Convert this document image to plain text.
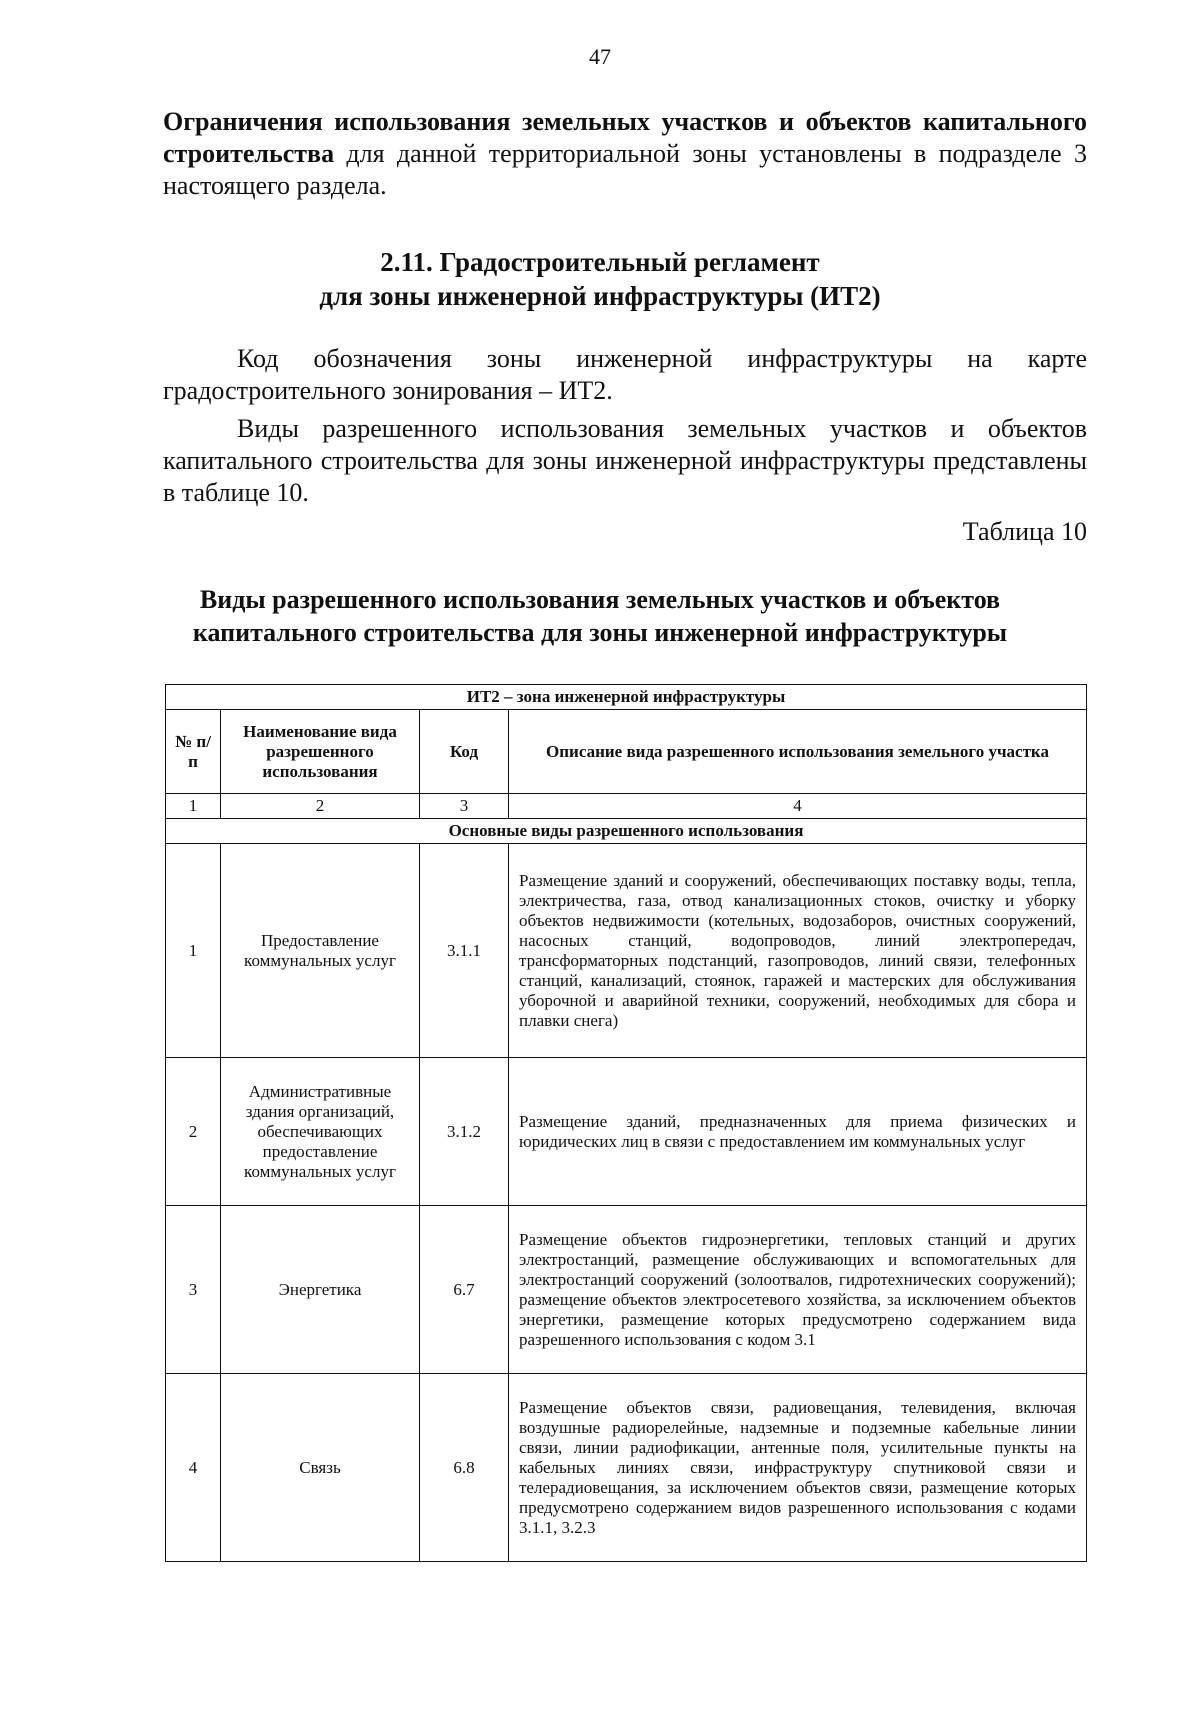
47

Ограничения использования земельных участков и объектов капитального строительства для данной территориальной зоны установлены в подразделе 3 настоящего раздела.

2.11. Градостроительный регламент
для зоны инженерной инфраструктуры (ИТ2)

Код обозначения зоны инженерной инфраструктуры на карте градостроительного зонирования – ИТ2.

Виды разрешенного использования земельных участков и объектов капитального строительства для зоны инженерной инфраструктуры представлены в таблице 10.

Таблица 10
Виды разрешенного использования земельных участков и объектов
капитального строительства для зоны инженерной инфраструктуры
ИТ2 – зона инженерной инфраструктуры			
№ п/п	Наименование вида разрешенного использования	Код	Описание вида разрешенного использования земельного участка
1	2	3	4
Основные виды разрешенного использования			
1	Предоставление коммунальных услуг	3.1.1	Размещение зданий и сооружений, обеспечивающих поставку воды, тепла, электричества, газа, отвод канализационных стоков, очистку и уборку объектов недвижимости (котельных, водозаборов, очистных сооружений, насосных станций, водопроводов, линий электропередач, трансформаторных подстанций, газопроводов, линий связи, телефонных станций, канализаций, стоянок, гаражей и мастерских для обслуживания уборочной и аварийной техники, сооружений, необходимых для сбора и плавки снега)
2	Административные здания организаций, обеспечивающих предоставление коммунальных услуг	3.1.2	Размещение зданий, предназначенных для приема физических и юридических лиц в связи с предоставлением им коммунальных услуг
3	Энергетика	6.7	Размещение объектов гидроэнергетики, тепловых станций и других электростанций, размещение обслуживающих и вспомогательных для электростанций сооружений (золоотвалов, гидротехнических сооружений); размещение объектов электросетевого хозяйства, за исключением объектов энергетики, размещение которых предусмотрено содержанием вида разрешенного использования с кодом 3.1
4	Связь	6.8	Размещение объектов связи, радиовещания, телевидения, включая воздушные радиорелейные, надземные и подземные кабельные линии связи, линии радиофикации, антенные поля, усилительные пункты на кабельных линиях связи, инфраструктуру спутниковой связи и телерадиовещания, за исключением объектов связи, размещение которых предусмотрено содержанием видов разрешенного использования с кодами 3.1.1, 3.2.3
